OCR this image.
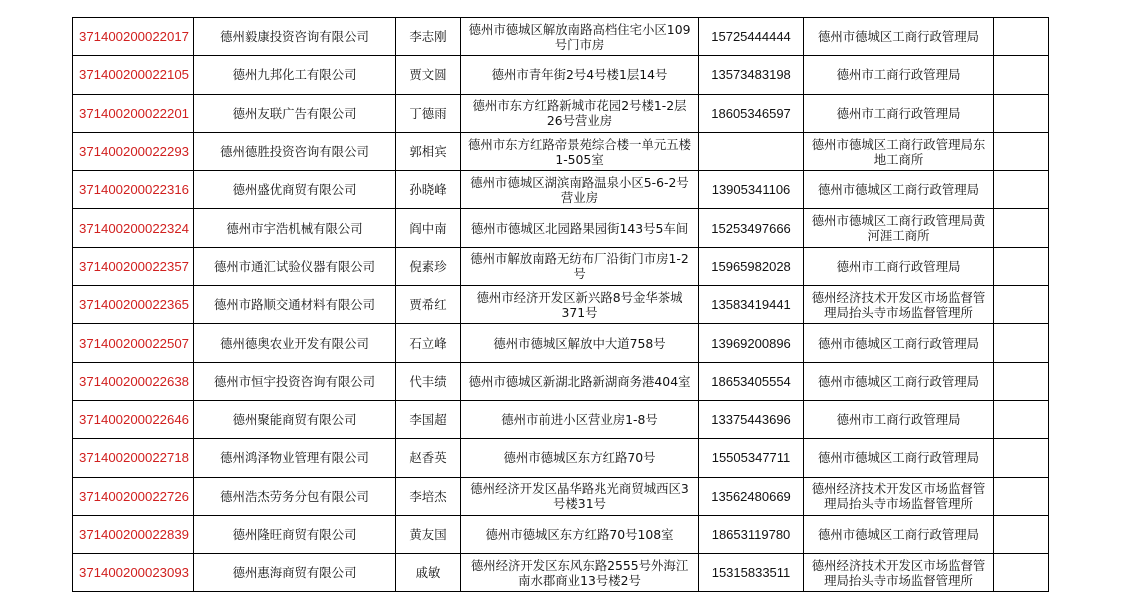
371400200022017	德州毅康投资咨询有限公司	李志刚	德州市德城区解放南路高档住宅小区109号门市房	15725444444	德州市德城区工商行政管理局	
371400200022105	德州九邦化工有限公司	贾文圆	德州市青年街2号4号楼1层14号	13573483198	德州市工商行政管理局	
371400200022201	德州友联广告有限公司	丁德雨	德州市东方红路新城市花园2号楼1-2层26号营业房	18605346597	德州市工商行政管理局	
371400200022293	德州德胜投资咨询有限公司	郭相宾	德州市东方红路帝景苑综合楼一单元五楼1-505室		德州市德城区工商行政管理局东地工商所	
371400200022316	德州盛优商贸有限公司	孙晓峰	德州市德城区湖滨南路温泉小区5-6-2号营业房	13905341106	德州市德城区工商行政管理局	
371400200022324	德州市宇浩机械有限公司	阎中南	德州市德城区北园路果园街143号5车间	15253497666	德州市德城区工商行政管理局黄河涯工商所	
371400200022357	德州市通汇试验仪器有限公司	倪素珍	德州市解放南路无纺布厂沿街门市房1-2号	15965982028	德州市工商行政管理局	
371400200022365	德州市路顺交通材料有限公司	贾希红	德州市经济开发区新兴路8号金华茶城371号	13583419441	德州经济技术开发区市场监督管理局抬头寺市场监督管理所	
371400200022507	德州德奥农业开发有限公司	石立峰	德州市德城区解放中大道758号	13969200896	德州市德城区工商行政管理局	
371400200022638	德州市恒宇投资咨询有限公司	代丰绩	德州市德城区新湖北路新湖商务港404室	18653405554	德州市德城区工商行政管理局	
371400200022646	德州聚能商贸有限公司	李国超	德州市前进小区营业房1-8号	13375443696	德州市工商行政管理局	
371400200022718	德州鸿泽物业管理有限公司	赵香英	德州市德城区东方红路70号	15505347711	德州市德城区工商行政管理局	
371400200022726	德州浩杰劳务分包有限公司	李培杰	德州经济开发区晶华路兆光商贸城西区3号楼31号	13562480669	德州经济技术开发区市场监督管理局抬头寺市场监督管理所	
371400200022839	德州隆旺商贸有限公司	黄友国	德州市德城区东方红路70号108室	18653119780	德州市德城区工商行政管理局	
371400200023093	德州惠海商贸有限公司	戚敏	德州经济开发区东风东路2555号外海江南水郡商业13号楼2号	15315833511	德州经济技术开发区市场监督管理局抬头寺市场监督管理所	
